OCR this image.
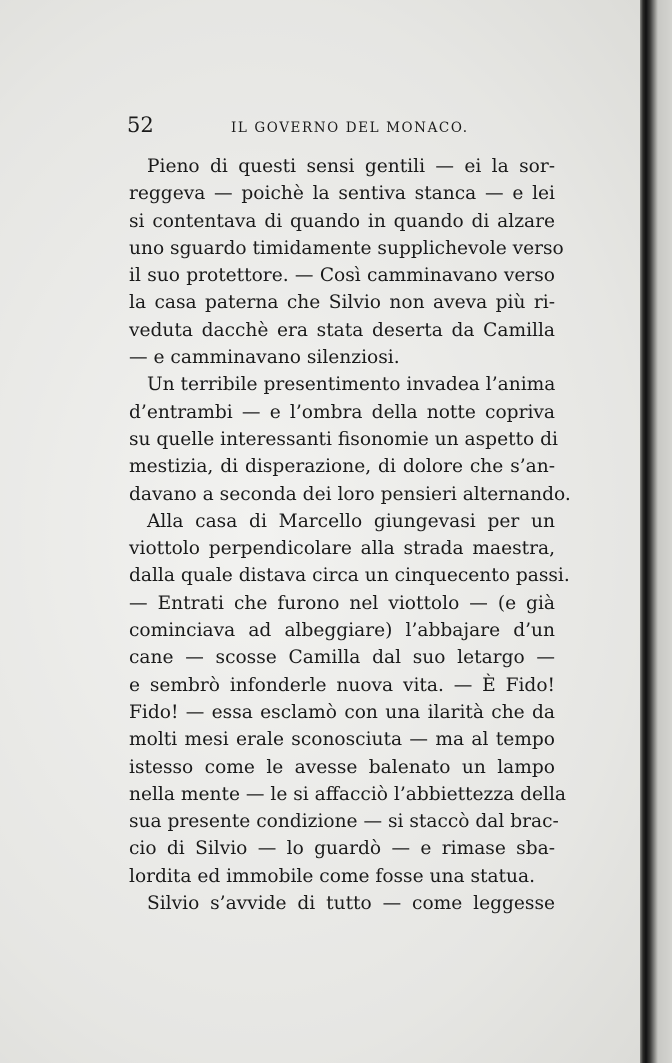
52	IL GOVERNO DEL MONACO.
Pieno di questi sensi gentili — ei la sor-
reggeva — poichè la sentiva stanca — e lei
si contentava di quando in quando di alzare
uno sguardo timidamente supplichevole verso
il suo protettore. — Così camminavano verso
la casa paterna che Silvio non aveva più ri-
veduta dacchè era stata deserta da Camilla
— e camminavano silenziosi.
Un terribile presentimento invadea l’anima
d’entrambi — e l’ombra della notte copriva
su quelle interessanti fisonomie un aspetto di
mestizia, di disperazione, di dolore che s’an-
davano a seconda dei loro pensieri alternando.
Alla casa di Marcello giungevasi per un
viottolo perpendicolare alla strada maestra,
dalla quale distava circa un cinquecento passi.
— Entrati che furono nel viottolo — (e già
cominciava ad albeggiare) l’abbajare d’un
cane — scosse Camilla dal suo letargo —
e sembrò infonderle nuova vita. — È Fido!
Fido! — essa esclamò con una ilarità che da
molti mesi erale sconosciuta — ma al tempo
istesso come le avesse balenato un lampo
nella mente — le si affacciò l’abbiettezza della
sua presente condizione — si staccò dal brac-
cio di Silvio — lo guardò — e rimase sba-
lordita ed immobile come fosse una statua.
Silvio s’avvide di tutto — come leggesse
